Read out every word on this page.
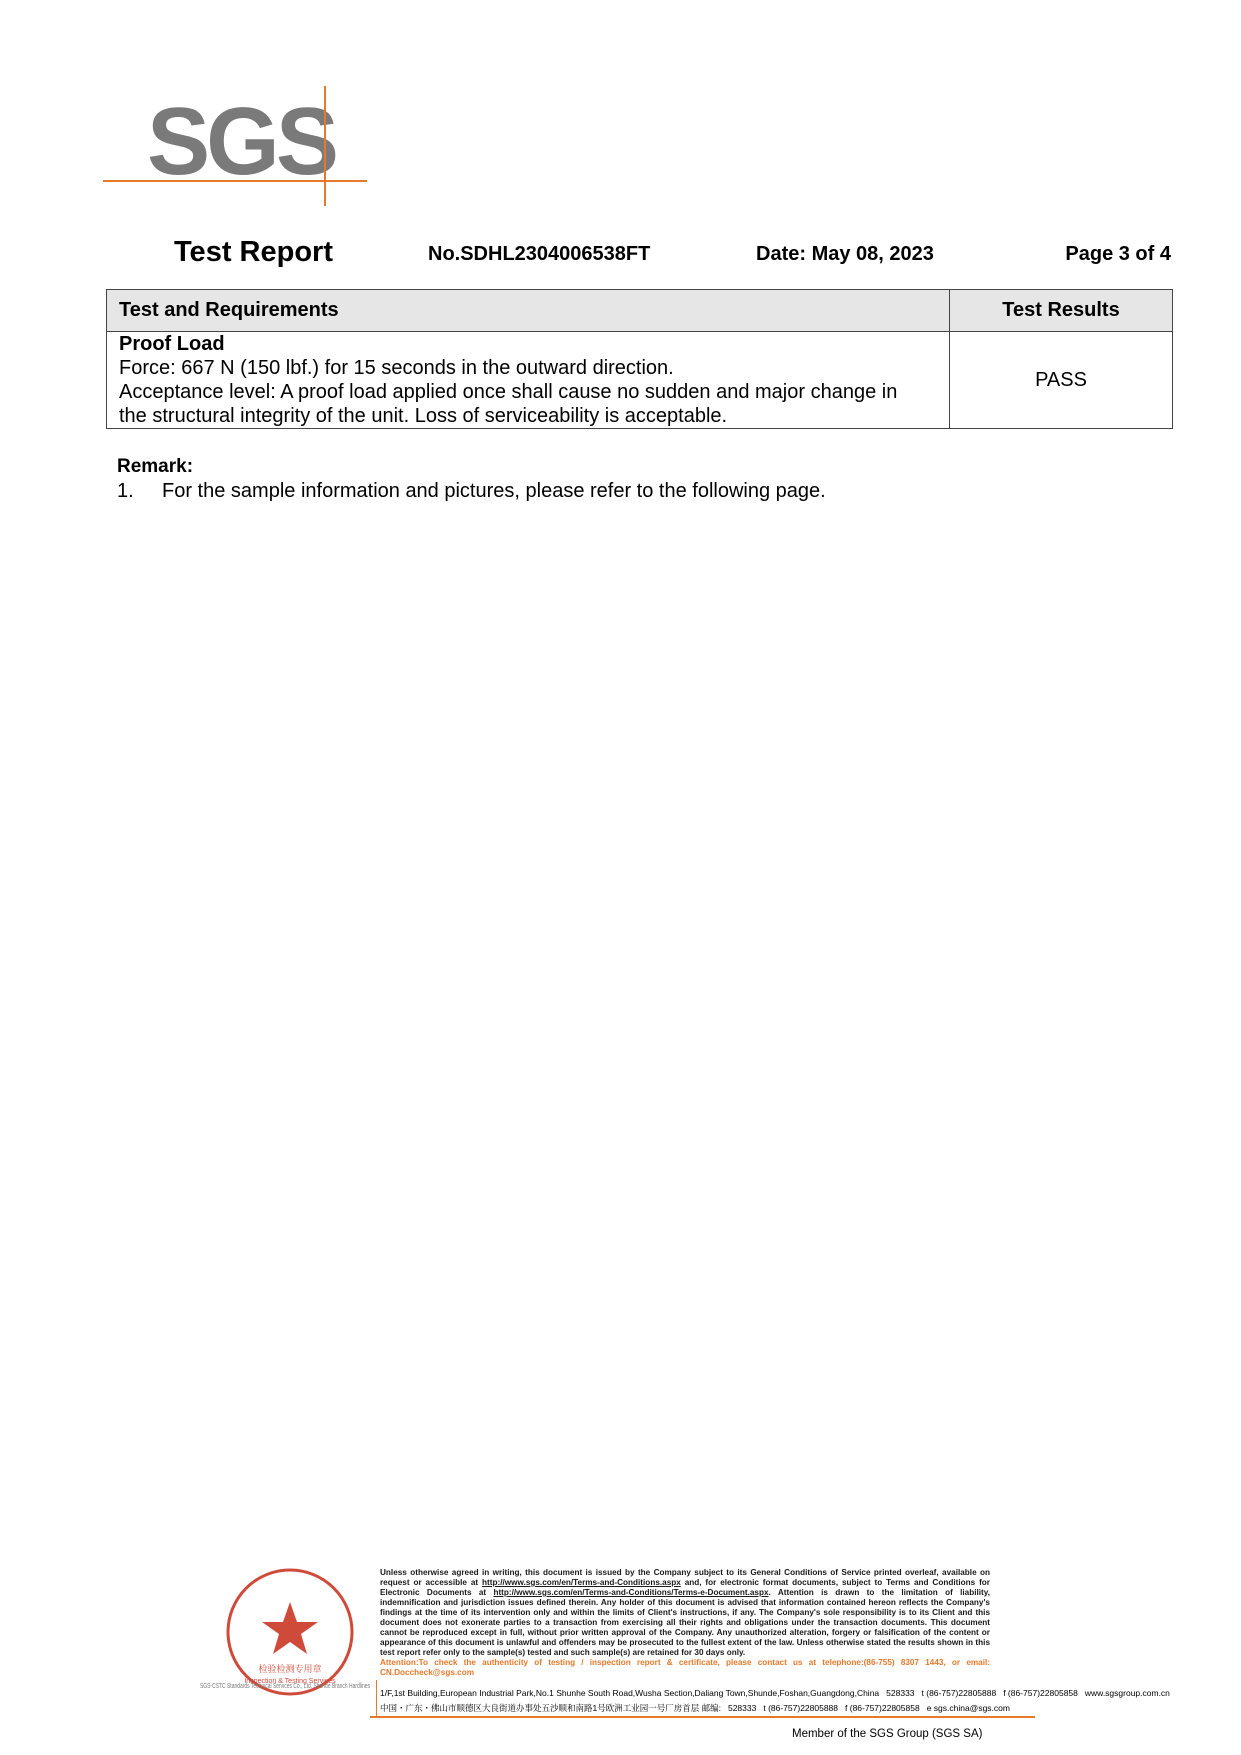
SGS
Test Report	No.SDHL2304006538FT	Date: May 08, 2023	Page 3 of 4
Test and Requirements	Test Results

Proof Load
Force: 667 N (150 lbf.) for 15 seconds in the outward direction.
Acceptance level: A proof load applied once shall cause no sudden and major change in
the structural integrity of the unit. Loss of serviceability is acceptable.	PASS
Remark:
1. For the sample information and pictures, please refer to the following page.
检验检测专用章
Inspection & Testing Services
SGS-CSTC Standards Technical Services Co., Ltd. Shunde Branch Hardlines
Unless otherwise agreed in writing, this document is issued by the Company subject to its General Conditions of Service printed overleaf, available on request or accessible at http://www.sgs.com/en/Terms-and-Conditions.aspx and, for electronic format documents, subject to Terms and Conditions for Electronic Documents at http://www.sgs.com/en/Terms-and-Conditions/Terms-e-Document.aspx. Attention is drawn to the limitation of liability, indemnification and jurisdiction issues defined therein. Any holder of this document is advised that information contained hereon reflects the Company's findings at the time of its intervention only and within the limits of Client's instructions, if any. The Company's sole responsibility is to its Client and this document does not exonerate parties to a transaction from exercising all their rights and obligations under the transaction documents. This document cannot be reproduced except in full, without prior written approval of the Company. Any unauthorized alteration, forgery or falsification of the content or appearance of this document is unlawful and offenders may be prosecuted to the fullest extent of the law. Unless otherwise stated the results shown in this test report refer only to the sample(s) tested and such sample(s) are retained for 30 days only.
Attention:To check the authenticity of testing / inspection report & certificate, please contact us at telephone:(86-755) 8307 1443, or email: CN.Doccheck@sgs.com
1/F,1st Building,European Industrial Park,No.1 Shunhe South Road,Wusha Section,Daliang Town,Shunde,Foshan,Guangdong,China 528333 t (86-757)22805888 f (86-757)22805858 www.sgsgroup.com.cn
中国・广东・佛山市顺德区大良街道办事处五沙顺和南路1号欧洲工业园一号厂房首层 邮编: 528333 t (86-757)22805888 f (86-757)22805858 e sgs.china@sgs.com
Member of the SGS Group (SGS SA)
